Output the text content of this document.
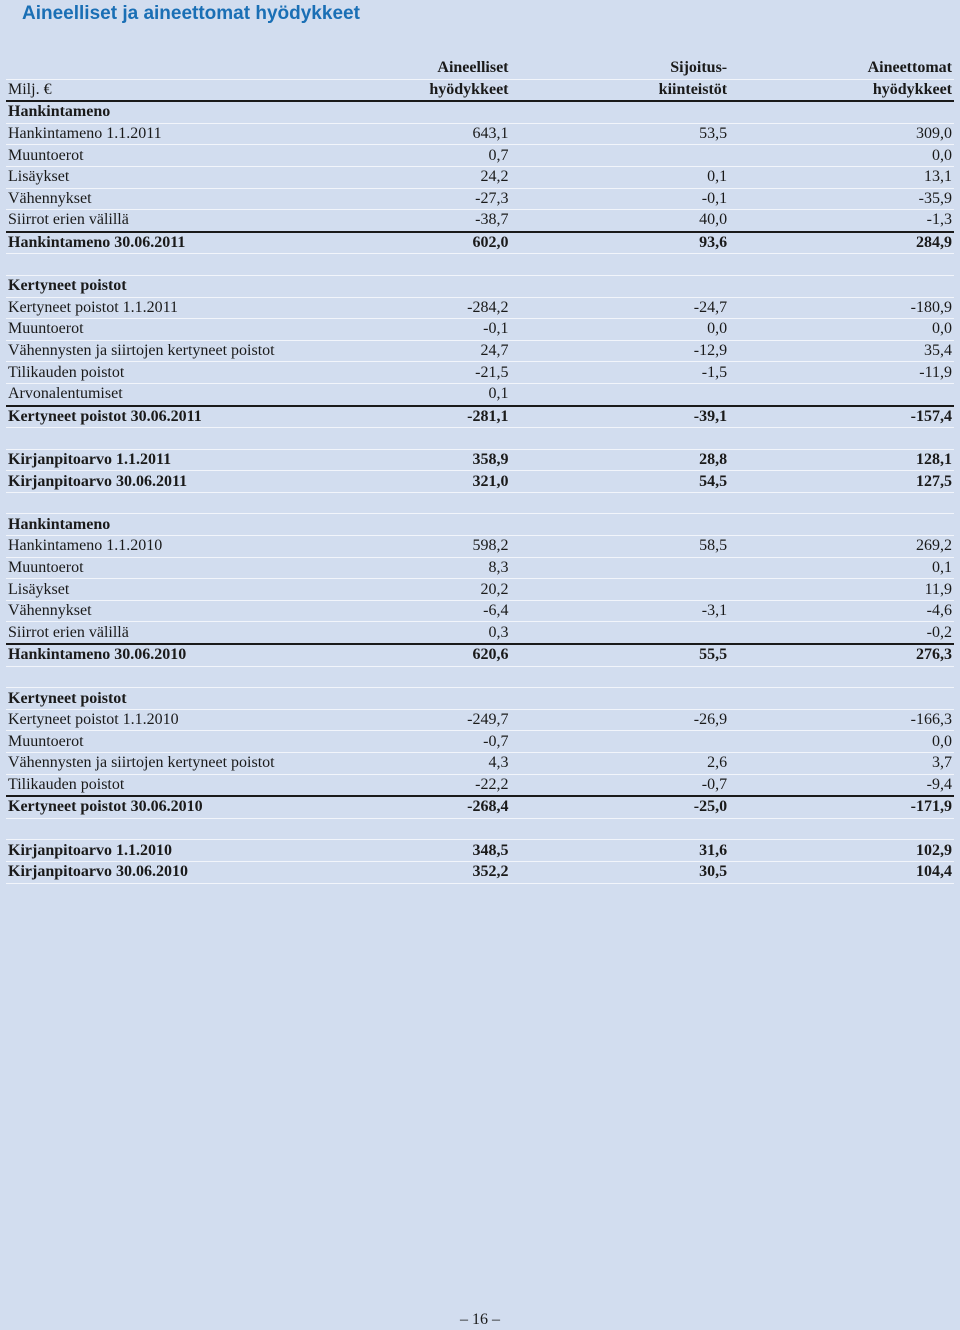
Aineelliset ja aineettomat hyödykkeet
	Aineelliset	Sijoitus-	Aineettomat
Milj. €	hyödykkeet	kiinteistöt	hyödykkeet
Hankintameno			
Hankintameno 1.1.2011	643,1	53,5	309,0
Muuntoerot	0,7		0,0
Lisäykset	24,2	0,1	13,1
Vähennykset	-27,3	-0,1	-35,9
Siirrot erien välillä	-38,7	40,0	-1,3
Hankintameno 30.06.2011	602,0	93,6	284,9

Kertyneet poistot			
Kertyneet poistot 1.1.2011	-284,2	-24,7	-180,9
Muuntoerot	-0,1	0,0	0,0
Vähennysten ja siirtojen kertyneet poistot	24,7	-12,9	35,4
Tilikauden poistot	-21,5	-1,5	-11,9
Arvonalentumiset	0,1		
Kertyneet poistot 30.06.2011	-281,1	-39,1	-157,4

Kirjanpitoarvo 1.1.2011	358,9	28,8	128,1
Kirjanpitoarvo 30.06.2011	321,0	54,5	127,5

Hankintameno			
Hankintameno 1.1.2010	598,2	58,5	269,2
Muuntoerot	8,3		0,1
Lisäykset	20,2		11,9
Vähennykset	-6,4	-3,1	-4,6
Siirrot erien välillä	0,3		-0,2
Hankintameno 30.06.2010	620,6	55,5	276,3

Kertyneet poistot			
Kertyneet poistot 1.1.2010	-249,7	-26,9	-166,3
Muuntoerot	-0,7		0,0
Vähennysten ja siirtojen kertyneet poistot	4,3	2,6	3,7
Tilikauden poistot	-22,2	-0,7	-9,4
Kertyneet poistot 30.06.2010	-268,4	-25,0	-171,9

Kirjanpitoarvo 1.1.2010	348,5	31,6	102,9
Kirjanpitoarvo 30.06.2010	352,2	30,5	104,4
– 16 –
